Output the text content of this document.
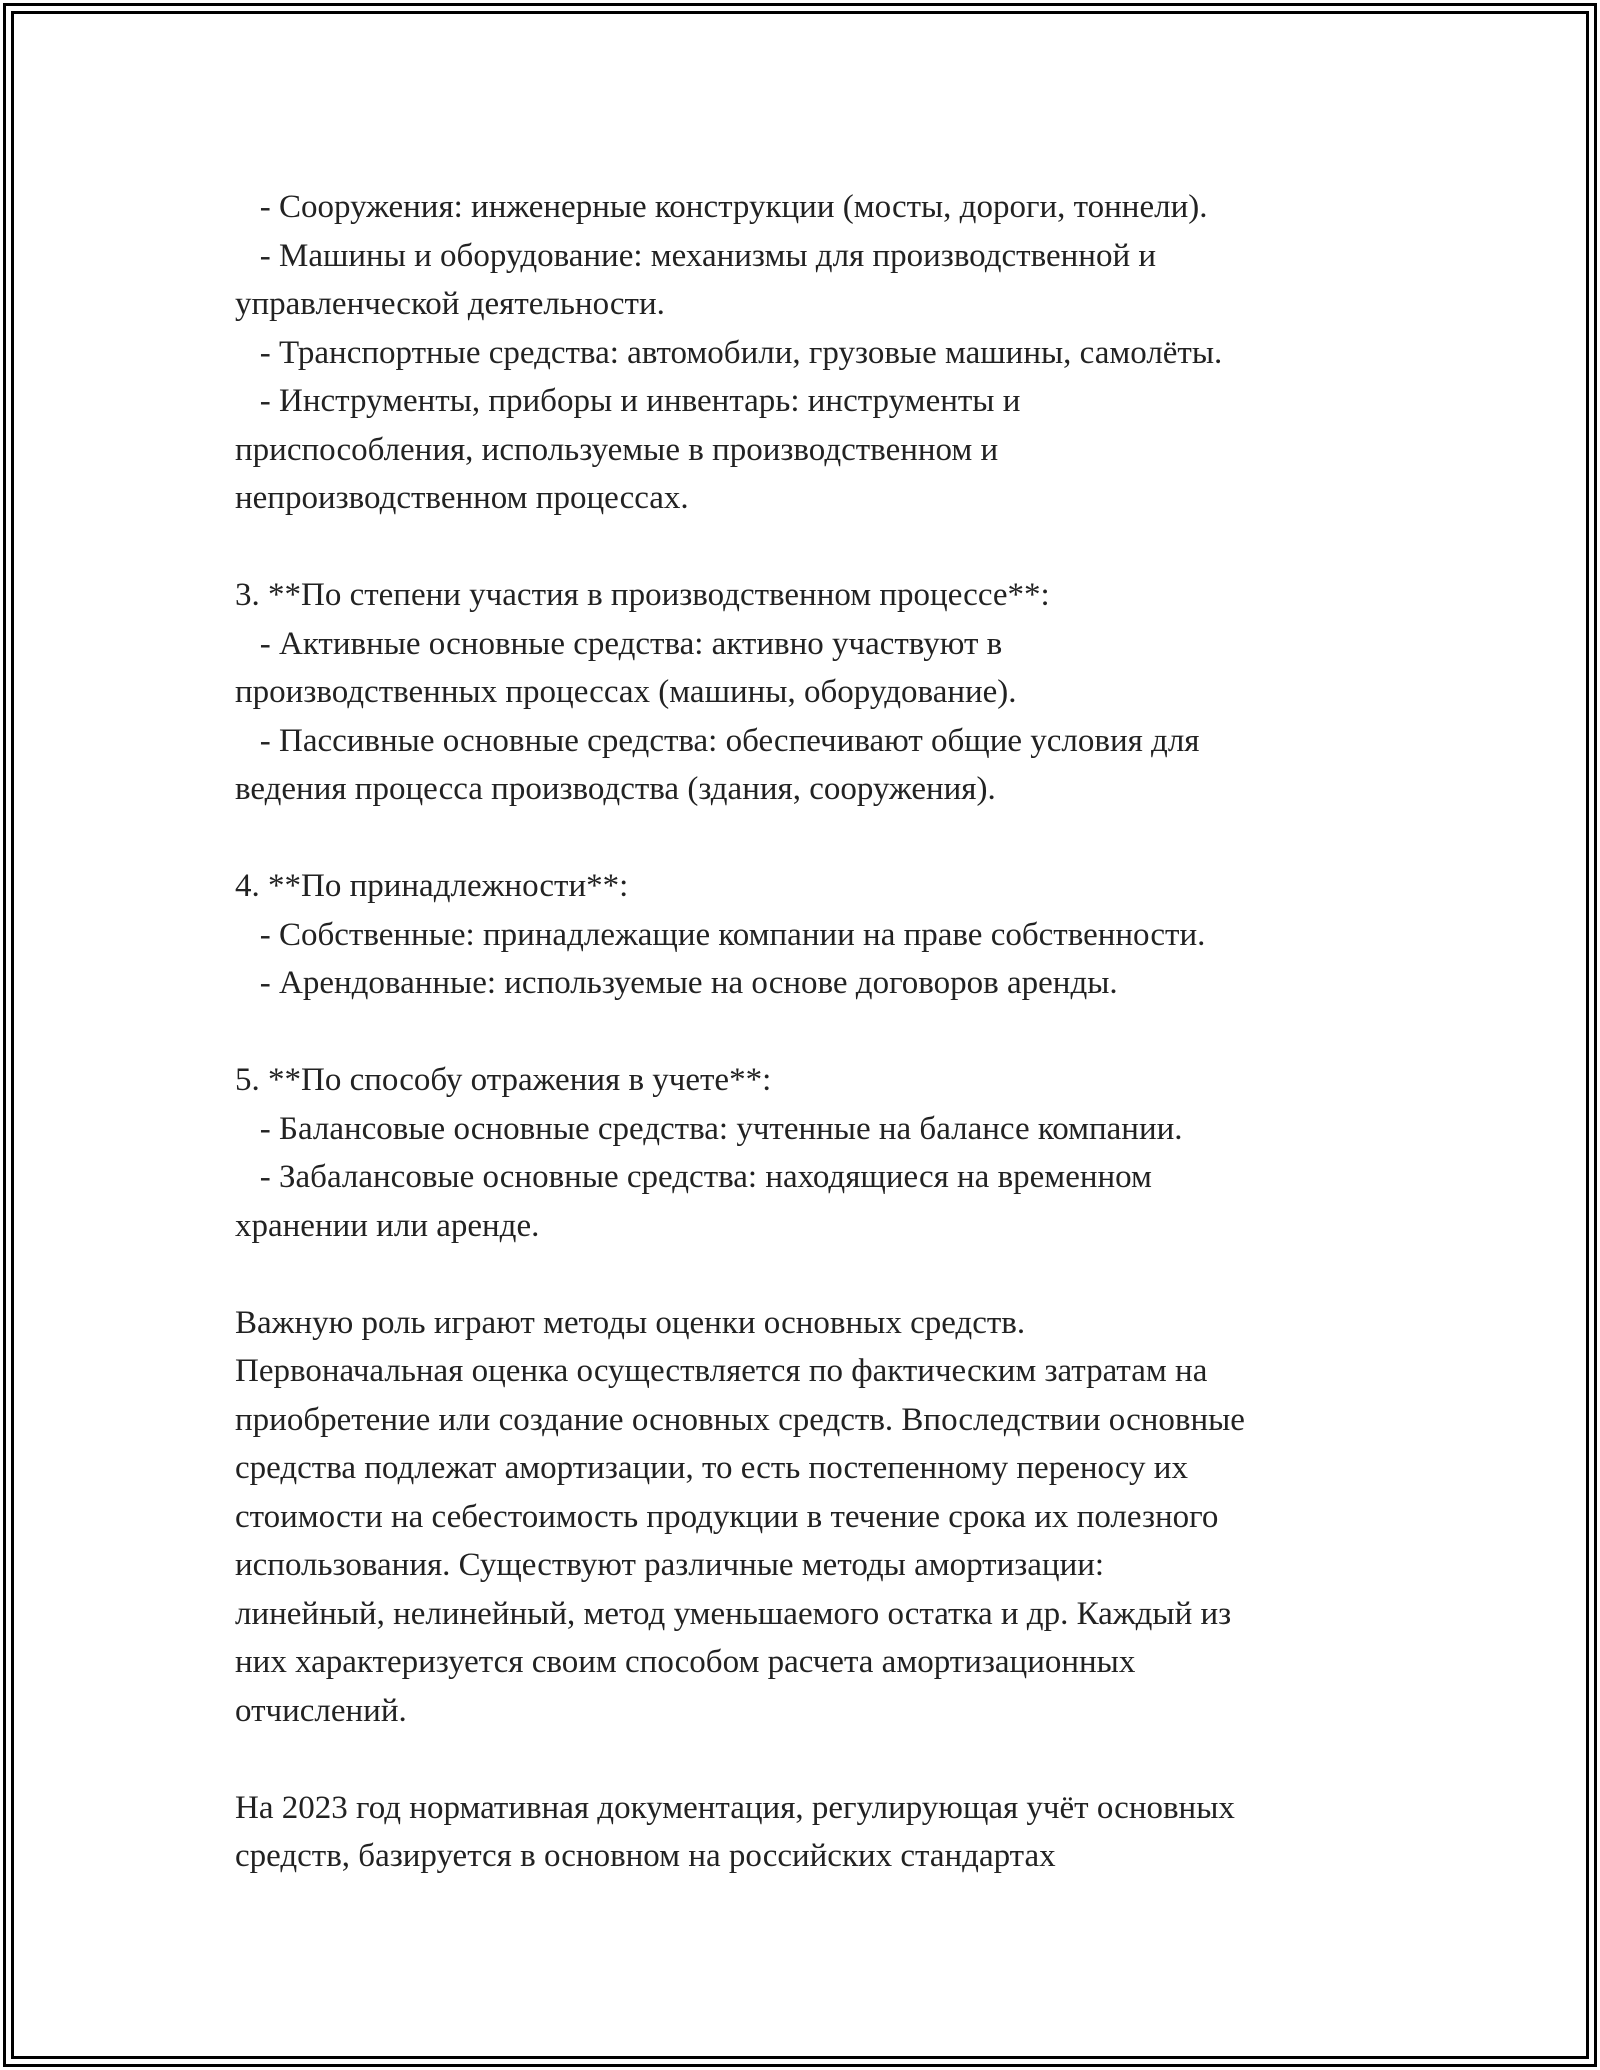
- Сооружения: инженерные конструкции (мосты, дороги, тоннели).
- Машины и оборудование: механизмы для производственной и
управленческой деятельности.
- Транспортные средства: автомобили, грузовые машины, самолёты.
- Инструменты, приборы и инвентарь: инструменты и
приспособления, используемые в производственном и
непроизводственном процессах.
3. **По степени участия в производственном процессе**:
- Активные основные средства: активно участвуют в
производственных процессах (машины, оборудование).
- Пассивные основные средства: обеспечивают общие условия для
ведения процесса производства (здания, сооружения).
4. **По принадлежности**:
- Собственные: принадлежащие компании на праве собственности.
- Арендованные: используемые на основе договоров аренды.
5. **По способу отражения в учете**:
- Балансовые основные средства: учтенные на балансе компании.
- Забалансовые основные средства: находящиеся на временном
хранении или аренде.
Важную роль играют методы оценки основных средств.
Первоначальная оценка осуществляется по фактическим затратам на
приобретение или создание основных средств. Впоследствии основные
средства подлежат амортизации, то есть постепенному переносу их
стоимости на себестоимость продукции в течение срока их полезного
использования. Существуют различные методы амортизации:
линейный, нелинейный, метод уменьшаемого остатка и др. Каждый из
них характеризуется своим способом расчета амортизационных
отчислений.
На 2023 год нормативная документация, регулирующая учёт основных
средств, базируется в основном на российских стандартах
